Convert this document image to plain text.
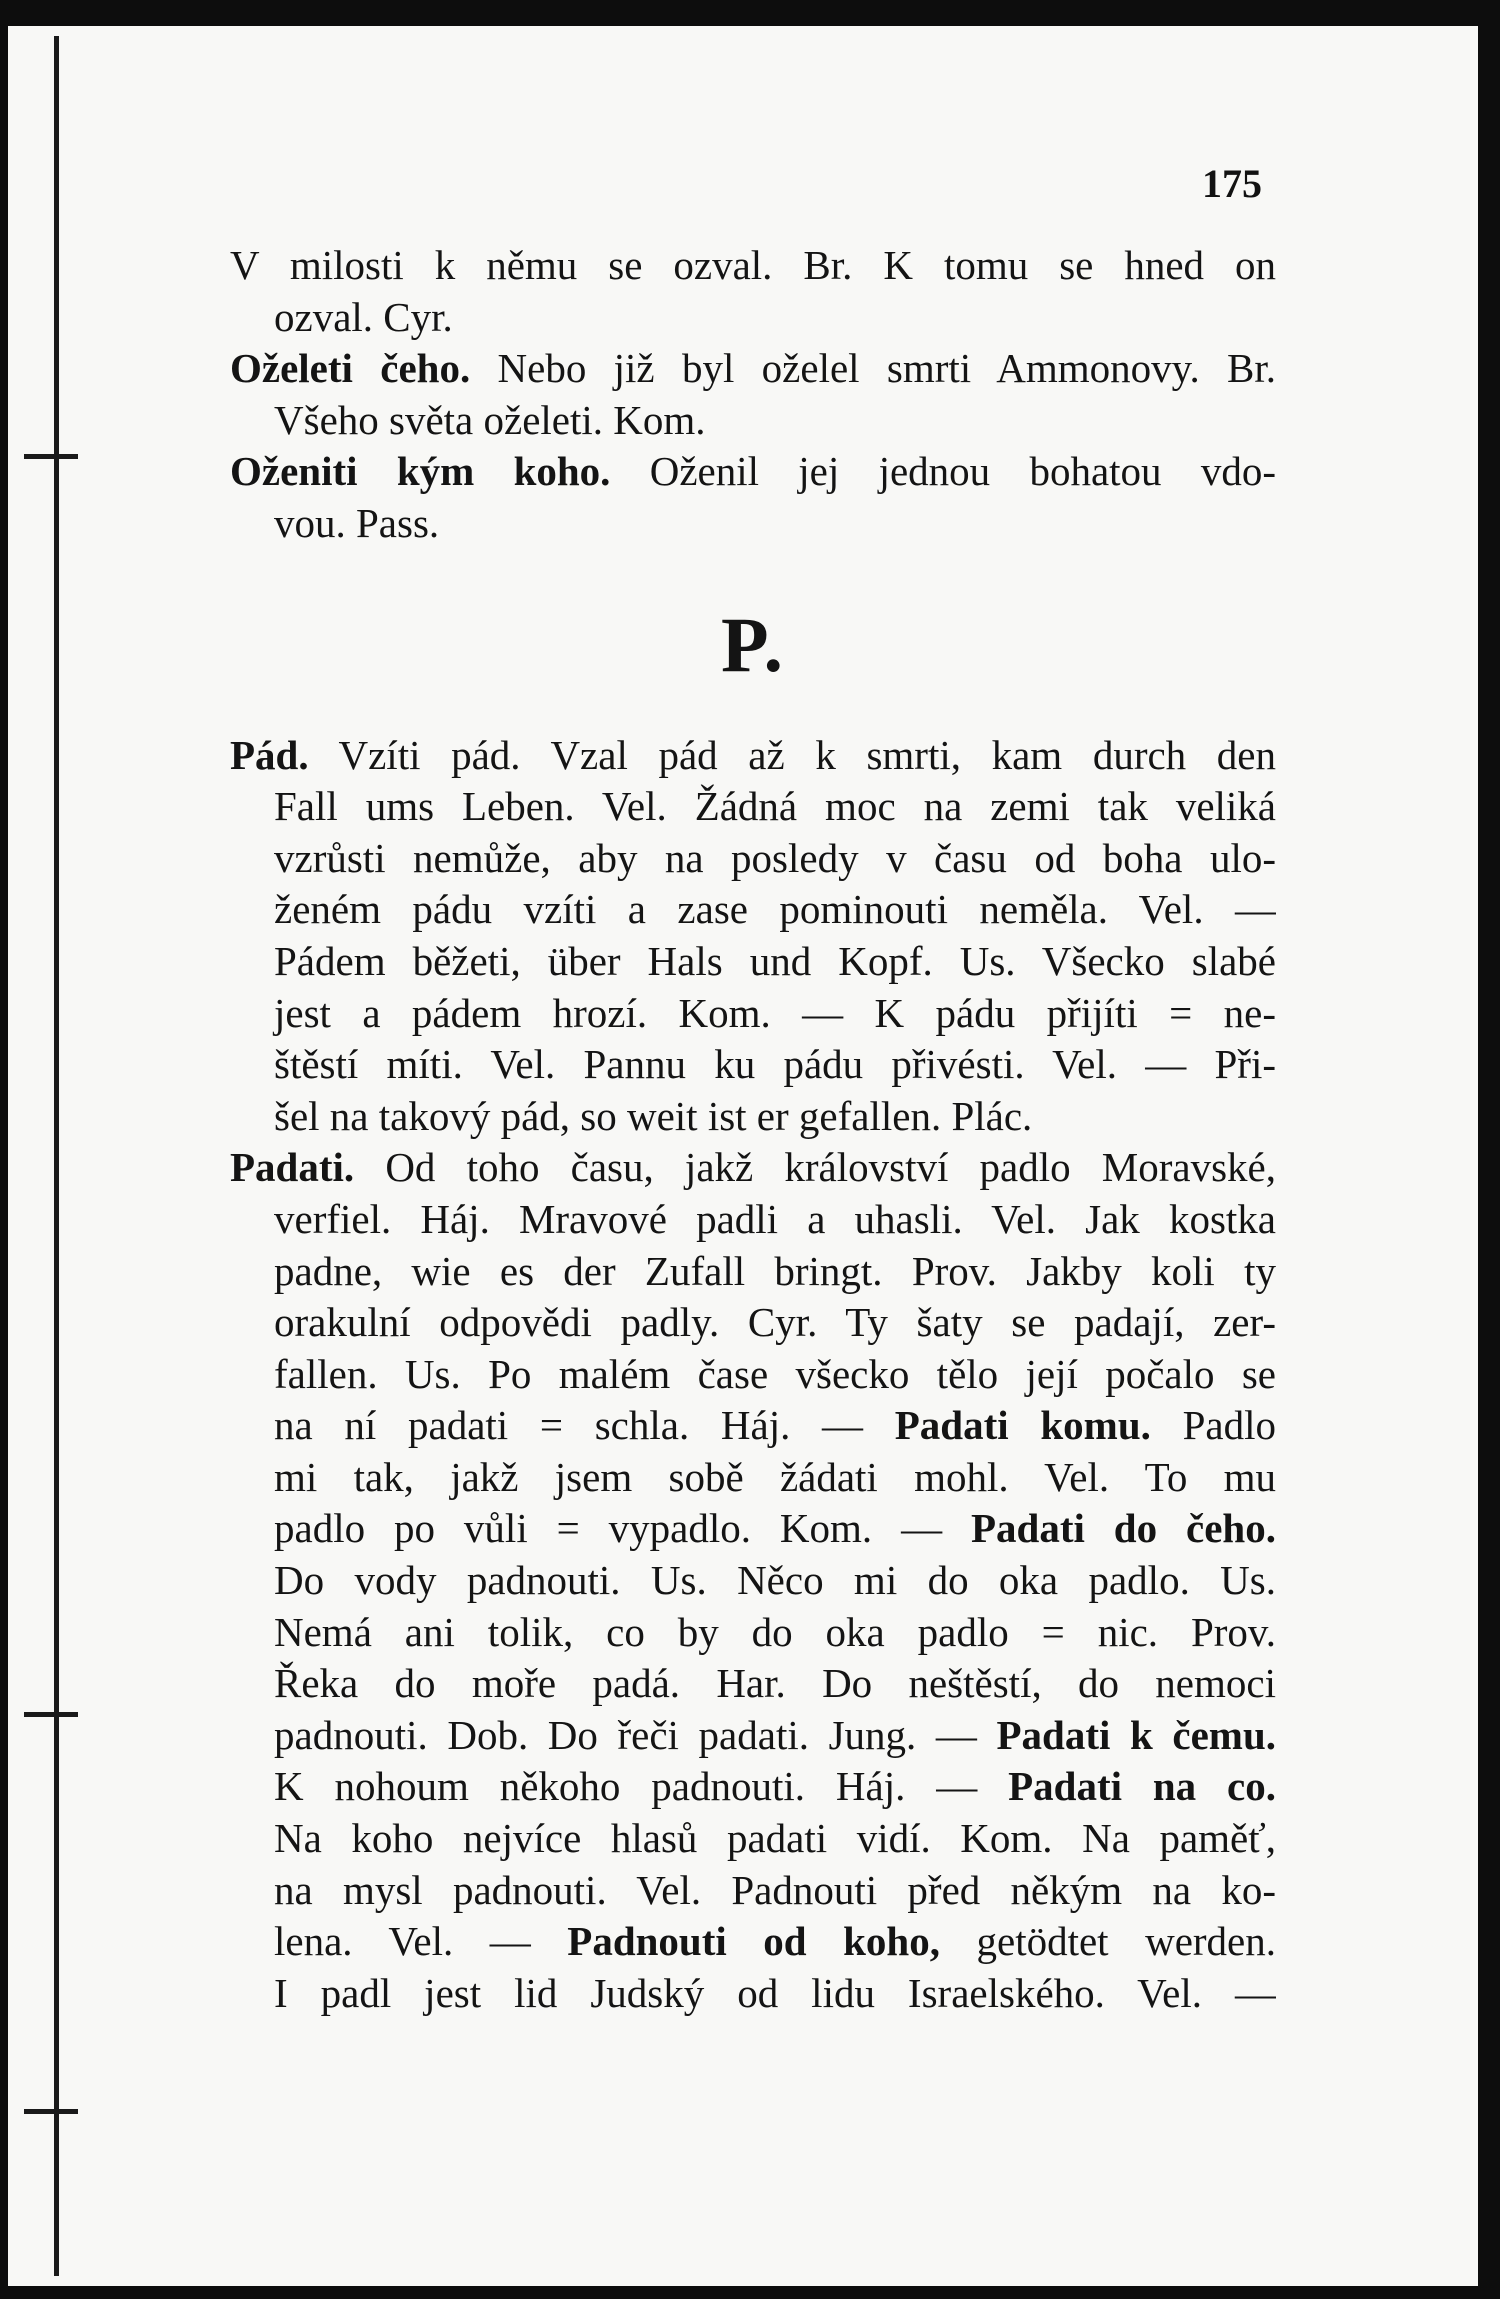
175
V milosti k němu se ozval. Br. K tomu se hned on
ozval. Cyr.
Oželeti čeho. Nebo již byl oželel smrti Ammonovy. Br.
Všeho světa oželeti. Kom.
Oženiti kým koho. Oženil jej jednou bohatou vdo-
vou. Pass.
P.
Pád. Vzíti pád. Vzal pád až k smrti, kam durch den
Fall ums Leben. Vel. Žádná moc na zemi tak veliká
vzrůsti nemůže, aby na posledy v času od boha ulo-
ženém pádu vzíti a zase pominouti neměla. Vel. —
Pádem běžeti, über Hals und Kopf. Us. Všecko slabé
jest a pádem hrozí. Kom. — K pádu přijíti = ne-
štěstí míti. Vel. Pannu ku pádu přivésti. Vel. — Při-
šel na takový pád, so weit ist er gefallen. Plác.
Padati. Od toho času, jakž království padlo Moravské,
verfiel. Háj. Mravové padli a uhasli. Vel. Jak kostka
padne, wie es der Zufall bringt. Prov. Jakby koli ty
orakulní odpovědi padly. Cyr. Ty šaty se padají, zer-
fallen. Us. Po malém čase všecko tělo její počalo se
na ní padati = schla. Háj. — Padati komu. Padlo
mi tak, jakž jsem sobě žádati mohl. Vel. To mu
padlo po vůli = vypadlo. Kom. — Padati do čeho.
Do vody padnouti. Us. Něco mi do oka padlo. Us.
Nemá ani tolik, co by do oka padlo = nic. Prov.
Řeka do moře padá. Har. Do neštěstí, do nemoci
padnouti. Dob. Do řeči padati. Jung. — Padati k čemu.
K nohoum někoho padnouti. Háj. — Padati na co.
Na koho nejvíce hlasů padati vidí. Kom. Na paměť,
na mysl padnouti. Vel. Padnouti před někým na ko-
lena. Vel. — Padnouti od koho, getödtet werden.
I padl jest lid Judský od lidu Israelského. Vel. —
